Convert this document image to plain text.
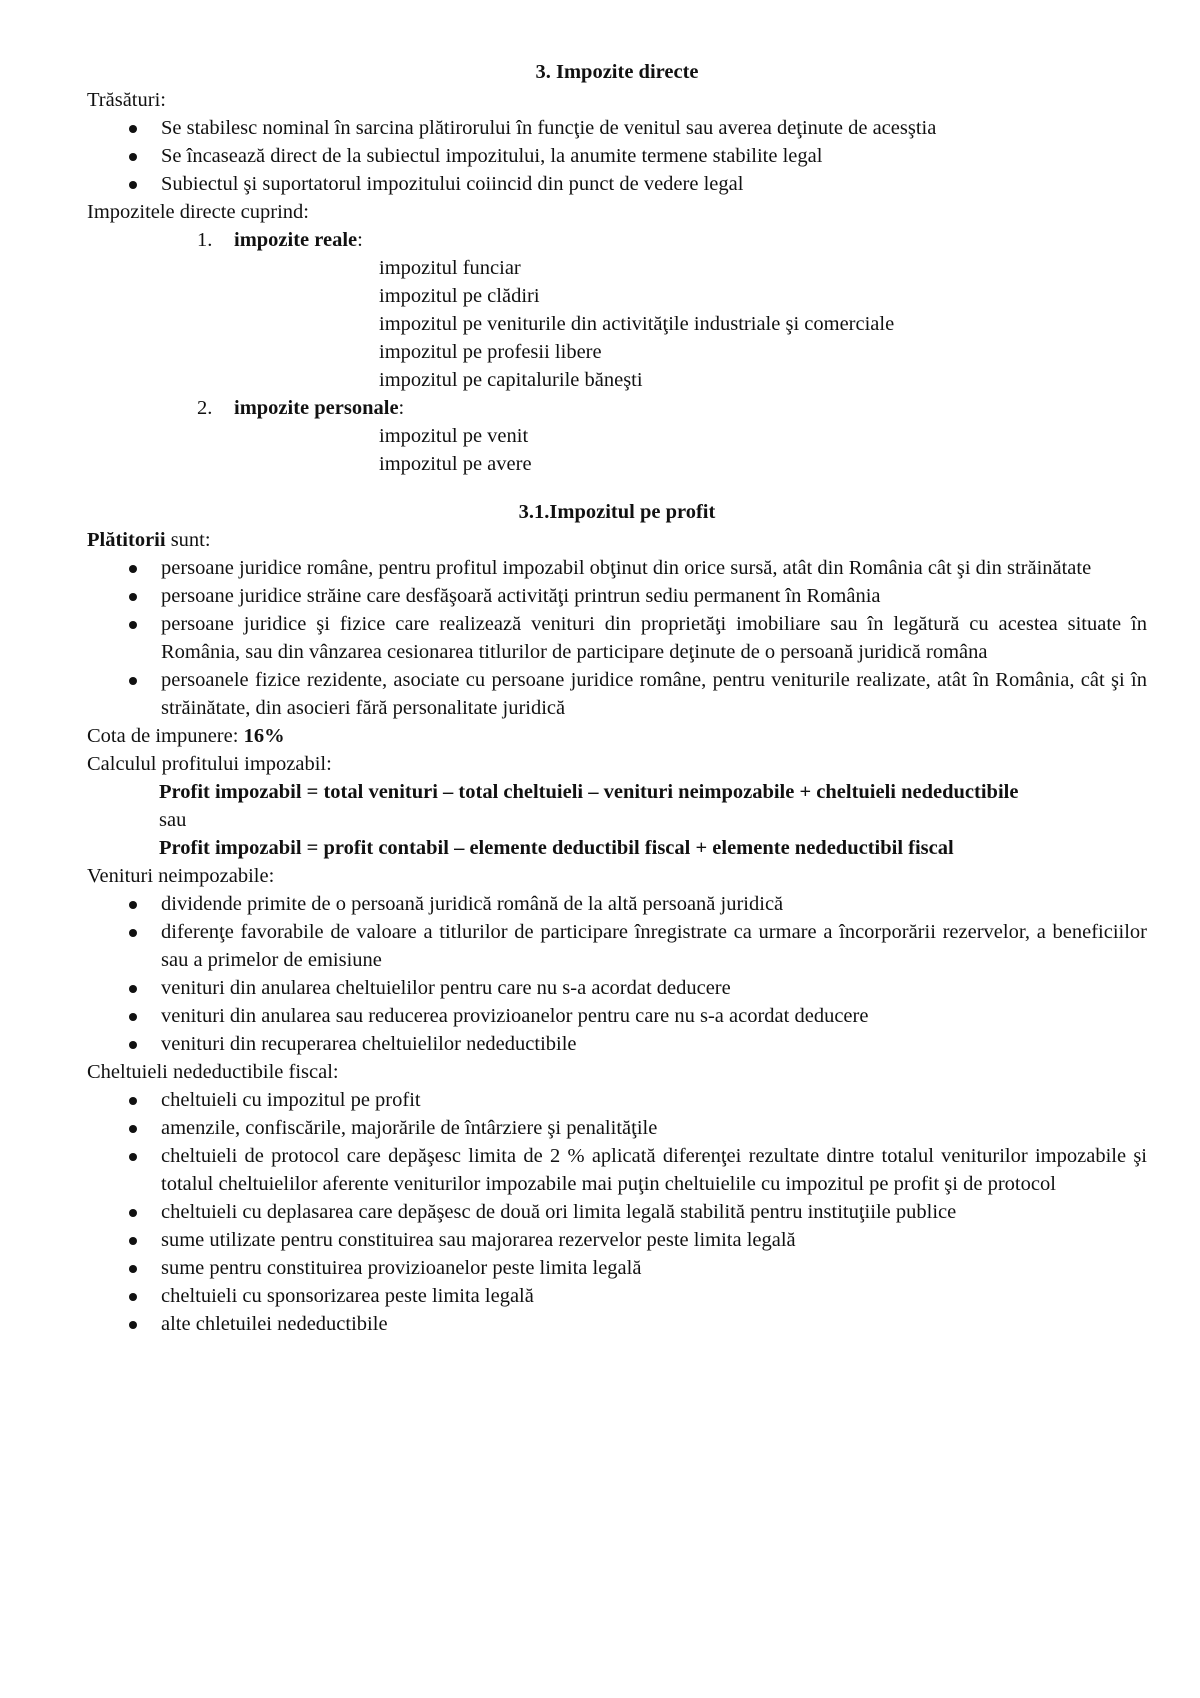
3. Impozite directe
Trăsături:
Se stabilesc nominal în sarcina plătirorului în funcţie de venitul sau averea deţinute de acesştia
Se încasează direct de la subiectul impozitului, la anumite termene stabilite legal
Subiectul şi suportatorul impozitului coiincid din punct de vedere legal
Impozitele directe cuprind:
1. impozite reale:
impozitul funciar
impozitul pe clădiri
impozitul pe veniturile din activităţile industriale şi comerciale
impozitul pe profesii libere
impozitul pe capitalurile băneşti
2. impozite personale:
impozitul pe venit
impozitul pe avere
3.1.Impozitul pe profit
Plătitorii sunt:
persoane juridice române, pentru profitul impozabil obţinut din orice sursă, atât din România cât şi din străinătate
persoane juridice străine care desfăşoară activităţi printrun sediu permanent în România
persoane juridice şi fizice care realizează venituri din proprietăţi imobiliare sau în legătură cu acestea situate în România, sau din vânzarea cesionarea titlurilor de participare deţinute de o persoană juridică româna
persoanele fizice rezidente, asociate cu persoane juridice române, pentru veniturile realizate, atât în România, cât şi în străinătate, din asocieri fără personalitate juridică
Cota de impunere: 16%
Calculul profitului impozabil:
Profit impozabil = total venituri – total cheltuieli – venituri neimpozabile + cheltuieli nedeductibile
sau
Profit impozabil = profit contabil – elemente deductibil fiscal + elemente nedeductibil fiscal
Venituri neimpozabile:
dividende primite de o persoană juridică română de la altă persoană juridică
diferenţe favorabile de valoare a titlurilor de participare înregistrate ca urmare a încorporării rezervelor, a beneficiilor sau a primelor de emisiune
venituri din anularea cheltuielilor pentru care nu s-a acordat deducere
venituri din anularea sau reducerea provizioanelor pentru care nu s-a acordat deducere
venituri din recuperarea cheltuielilor nedeductibile
Cheltuieli nedeductibile fiscal:
cheltuieli cu impozitul pe profit
amenzile, confiscările, majorările de întârziere şi penalităţile
cheltuieli de protocol care depăşesc limita de 2 % aplicată diferenţei rezultate dintre totalul veniturilor impozabile şi totalul cheltuielilor aferente veniturilor impozabile mai puţin cheltuielile cu impozitul pe profit şi de protocol
cheltuieli cu deplasarea care depăşesc de două ori limita legală stabilită pentru instituţiile publice
sume utilizate pentru constituirea sau majorarea rezervelor peste limita legală
sume pentru constituirea provizioanelor peste limita legală
cheltuieli cu sponsorizarea peste limita legală
alte chletuilei nedeductibile
